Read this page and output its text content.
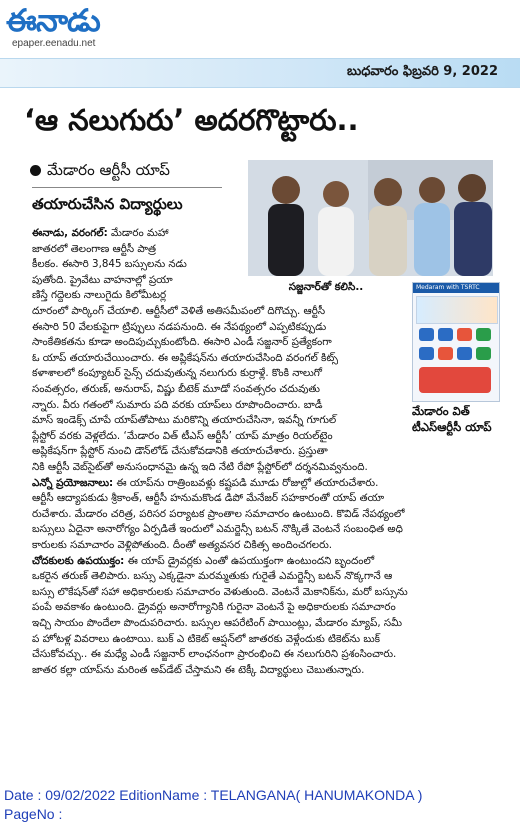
ఈనాడు
epaper.eenadu.net
బుధవారం ఫిబ్రవరి 9, 2022
‘ఆ నలుగురు’ అదరగొట్టారు..
మేడారం ఆర్టీసీ యాప్
తయారుచేసిన విద్యార్థులు
సజ్జనార్‌తో కలిసి..	Medaram with TSRTC

మేడారం విత్
టీఎస్ఆర్టీసీ యాప్
ఈనాడు, వరంగల్: మేడారం మహా
జాతరలో తెలంగాణ ఆర్టీసీ పాత్ర
కీలకం. ఈసారి 3,845 బస్సులను నడు
పుతోంది. ప్రైవేటు వాహనాల్లో ప్రయా
ణిస్తే గద్దెలకు నాలుగైదు కిలోమీటర్ల
దూరంలో పార్కింగ్ చేయాలి. ఆర్టీసీలో వెళితే అతిసమీపంలో దిగొచ్చు. ఆర్టీసీ
ఈసారి 50 వేలకుపైగా ట్రిప్పులు నడపనుంది. ఈ నేపథ్యంలో ఎప్పటికప్పుడు
సాంకేతికతను కూడా అందిపుచ్చుకుంటోంది. ఈసారి ఎండీ సజ్జనార్ ప్రత్యేకంగా
ఓ యాప్ తయారుచేయించారు. ఈ అప్లికేషన్‌ను తయారుచేసింది వరంగల్ కిట్స్
కళాశాలలో కంప్యూటర్ సైన్స్ చదువుతున్న నలుగురు కుర్రాళ్లే. కొంకి నాలుగో
సంవత్సరం, తరుణ్, అనురాప్, విష్ణు బీటెక్ మూడో సంవత్సరం చదువుతు
న్నారు. వీరు గతంలో సుమారు పది వరకు యాప్‌లు రూపొందించారు. బాడీ
మాస్ ఇండెక్స్ చూపే యాప్‌తోపాటు మరికొన్ని తయారుచేసినా, ఇవన్నీ గూగుల్
ప్లేస్టోర్ వరకు వెళ్లలేదు. ‘మేడారం విత్ టీఎస్ ఆర్టీసీ’ యాప్ మాత్రం రియల్‌టైం
అప్లికేషన్‌గా ప్లేస్టోర్ నుంచి డౌన్‌లోడ్ చేసుకోవడానికి తయారుచేశారు. ప్రస్తుతా
నికి ఆర్టీసీ వెబ్‌సైట్‌తో అనుసంధానమై ఉన్న ఇది నేటి రేపో ప్లేస్టోర్‌లో దర్శనమివ్వనుంది.
ఎన్నో ప్రయోజనాలు: ఈ యాప్‌ను రాత్రింబవళ్లు కష్టపడి మూడు రోజుల్లో తయారుచేశారు.
ఆర్టీసీ ఆద్యాపకుడు శ్రీకాంత్, ఆర్టీసీ హనుమకొండ డిపో మేనేజర్ సహకారంతో యాప్ తయా
రుచేశారు. మేడారం చరిత్ర, పరిసర పర్యాటక ప్రాంతాల సమాచారం ఉంటుంది. కొవిడ్ నేపథ్యంలో
బస్సులు ఏదైనా అనారోగ్యం ఏర్పడితే ఇందులో ఎమర్జెన్సీ బటన్ నొక్కితే వెంటనే సంబంధిత అధి
కారులకు సమాచారం వెళ్లిపోతుంది. దీంతో అత్యవసర చికిత్స అందించగలరు.
చోదకులకు ఉపయుక్తం: ఈ యాప్ డ్రైవర్లకు ఎంతో ఉపయుక్తంగా ఉంటుందని బృందంలో
ఒకరైన తరుణ్ తెలిపారు. బస్సు ఎక్కడైనా మరమ్మతుకు గురైతే ఎమర్జెన్సీ బటన్ నొక్కగానే ఆ
బస్సు లొకేషన్‌తో సహా అధికారులకు సమాచారం వెళుతుంది. వెంటనే మెకానిక్‌ను, మరో బస్సును
పంపే అవకాశం ఉంటుంది. డ్రైవర్లు అనారోగ్యానికి గురైనా వెంటనే పై అధికారులకు సమాచారం
ఇచ్చి సాయం పొందేలా పొందుపరిచారు. బస్సుల ఆపరేటింగ్ పాయింట్లు, మేడారం మ్యాప్, సమీ
ప హోటళ్ల వివరాలు ఉంటాయి. బుక్ ఎ టికెట్ ఆప్షన్‌లో జాతరకు వెళ్లేందుకు టికెట్‌ను బుక్
చేసుకోవచ్చు.. ఈ మధ్యే ఎండీ సజ్జనార్ లాంఛనంగా ప్రారంభించి ఈ నలుగురిని ప్రశంసించారు.
జాతర కల్లా యాప్‌ను మరింత అప్‌డేట్ చేస్తామని ఈ టెక్కీ విద్యార్థులు చెబుతున్నారు.
Date : 09/02/2022 EditionName : TELANGANA( HANUMAKONDA )
PageNo :
